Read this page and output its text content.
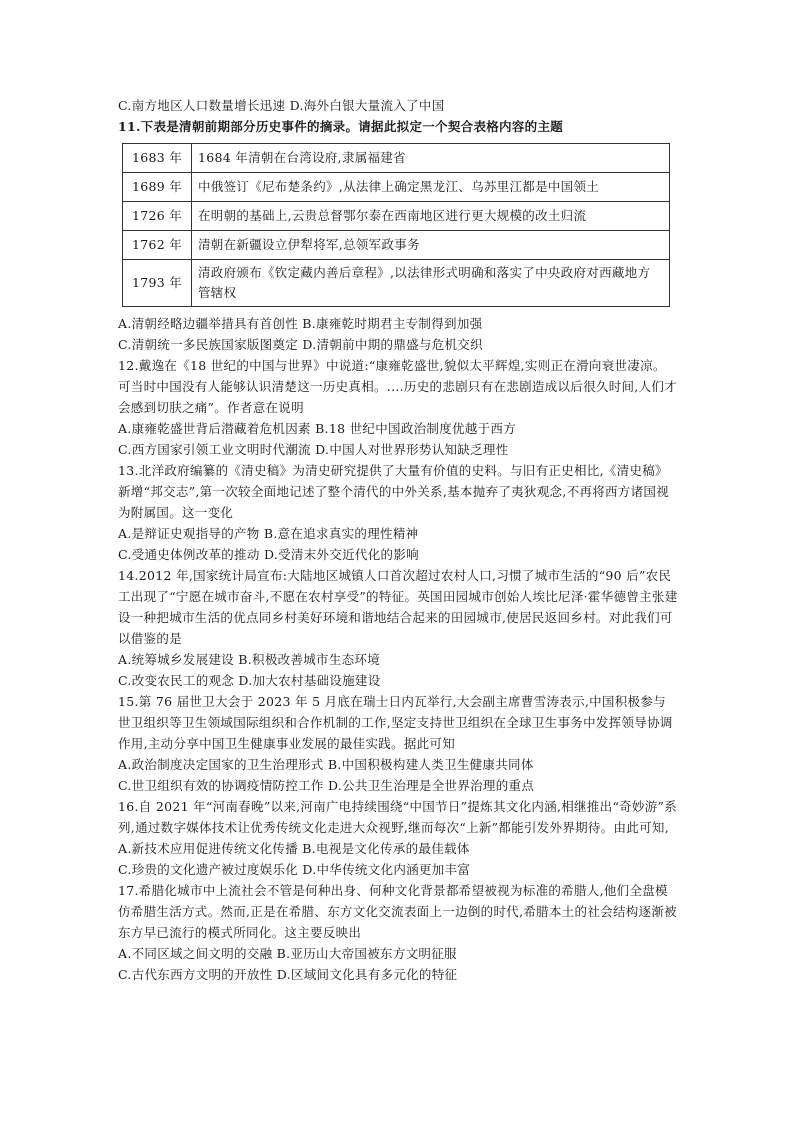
C.南方地区人口数量增长迅速 D.海外白银大量流入了中国
11.下表是清朝前期部分历史事件的摘录。请据此拟定一个契合表格内容的主题
1683 年	1684 年清朝在台湾设府,隶属福建省
1689 年	中俄签订《尼布楚条约》,从法律上确定黑龙江、乌苏里江都是中国领土
1726 年	在明朝的基础上,云贵总督鄂尔泰在西南地区进行更大规模的改土归流
1762 年	清朝在新疆设立伊犁将军,总领军政事务
1793 年	清政府颁布《钦定藏内善后章程》,以法律形式明确和落实了中央政府对西藏地方管辖权
A.清朝经略边疆举措具有首创性 B.康雍乾时期君主专制得到加强
C.清朝统一多民族国家版图奠定 D.清朝前中期的鼎盛与危机交织
12.戴逸在《18 世纪的中国与世界》中说道:“康雍乾盛世,貌似太平辉煌,实则正在滑向衰世凄凉。可当时中国没有人能够认识清楚这一历史真相。....历史的悲剧只有在悲剧造成以后很久时间,人们才会感到切肤之痛”。作者意在说明
A.康雍乾盛世背后潜藏着危机因素 B.18 世纪中国政治制度优越于西方
C.西方国家引领工业文明时代潮流 D.中国人对世界形势认知缺乏理性
13.北洋政府编纂的《清史稿》为清史研究提供了大量有价值的史料。与旧有正史相比,《清史稿》新增“邦交志”,第一次较全面地记述了整个清代的中外关系,基本抛弃了夷狄观念,不再将西方诸国视为附属国。这一变化
A.是辩证史观指导的产物 B.意在追求真实的理性精神
C.受通史体例改革的推动 D.受清末外交近代化的影响
14.2012 年,国家统计局宣布:大陆地区城镇人口首次超过农村人口,习惯了城市生活的“90 后”农民工出现了“宁愿在城市奋斗,不愿在农村享受”的特征。英国田园城市创始人埃比尼泽·霍华德曾主张建设一种把城市生活的优点同乡村美好环境和谐地结合起来的田园城市,使居民返回乡村。对此我们可以借鉴的是
A.统筹城乡发展建设 B.积极改善城市生态环境
C.改变农民工的观念 D.加大农村基础设施建设
15.第 76 届世卫大会于 2023 年 5 月底在瑞士日内瓦举行,大会副主席曹雪涛表示,中国积极参与世卫组织等卫生领域国际组织和合作机制的工作,坚定支持世卫组织在全球卫生事务中发挥领导协调作用,主动分享中国卫生健康事业发展的最佳实践。据此可知
A.政治制度决定国家的卫生治理形式 B.中国积极构建人类卫生健康共同体
C.世卫组织有效的协调疫情防控工作 D.公共卫生治理是全世界治理的重点
16.自 2021 年“河南春晚”以来,河南广电持续围绕“中国节日”提炼其文化内涵,相继推出“奇妙游”系列,通过数字媒体技术让优秀传统文化走进大众视野,继而每次“上新”都能引发外界期待。由此可知,
A.新技术应用促进传统文化传播 B.电视是文化传承的最佳载体
C.珍贵的文化遗产被过度娱乐化 D.中华传统文化内涵更加丰富
17.希腊化城市中上流社会不管是何种出身、何种文化背景都希望被视为标准的希腊人,他们全盘模仿希腊生活方式。然而,正是在希腊、东方文化交流表面上一边倒的时代,希腊本土的社会结构逐渐被东方早已流行的模式所同化。这主要反映出
A.不同区域之间文明的交融 B.亚历山大帝国被东方文明征服
C.古代东西方文明的开放性 D.区域间文化具有多元化的特征
